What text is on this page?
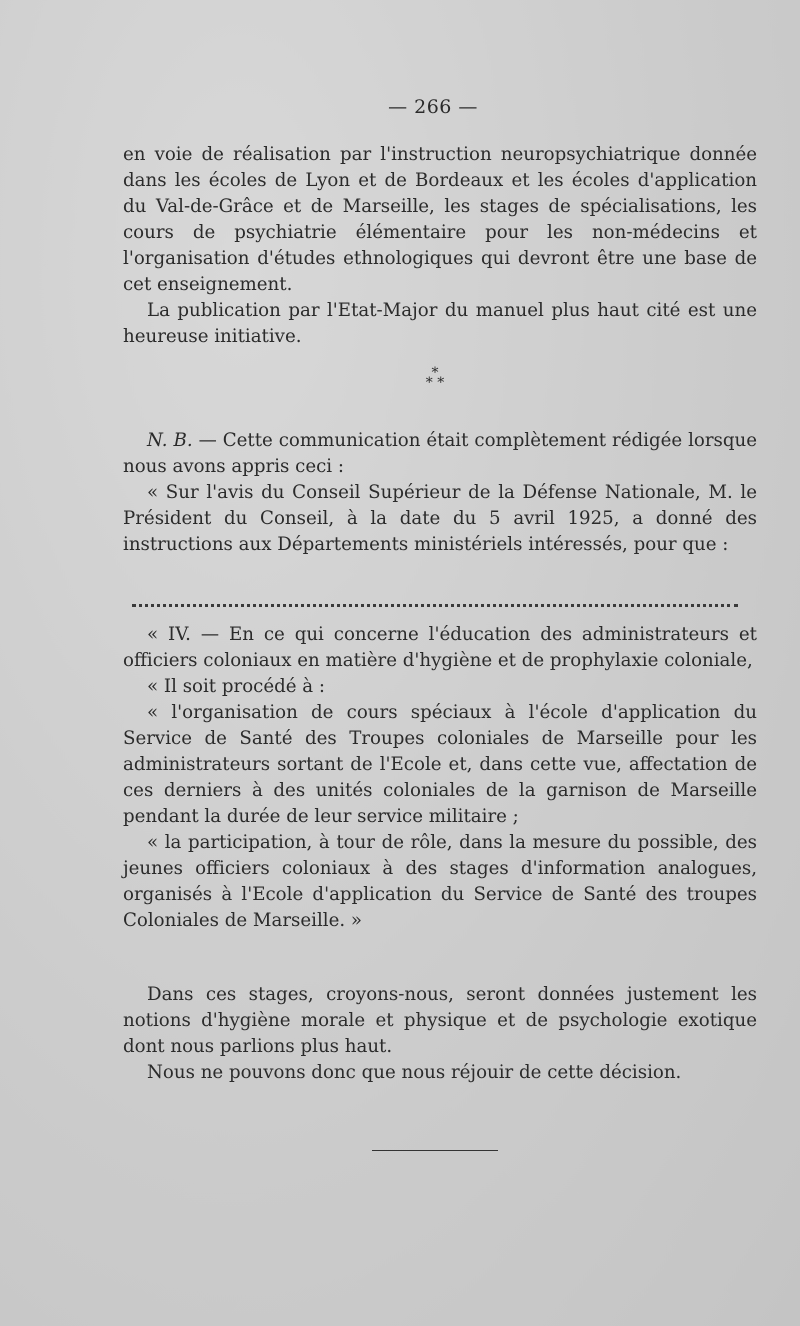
— 266 —

en voie de réalisation par l'instruction neuropsychiatrique donnée dans les écoles de Lyon et de Bordeaux et les écoles d'application du Val-de-Grâce et de Marseille, les stages de spécialisations, les cours de psychiatrie élémentaire pour les non-médecins et l'organisation d'études ethnologiques qui devront être une base de cet enseignement.

La publication par l'Etat-Major du manuel plus haut cité est une heureuse initiative.

*
* *

N. B. — Cette communication était complètement rédigée lorsque nous avons appris ceci :

« Sur l'avis du Conseil Supérieur de la Défense Nationale, M. le Président du Conseil, à la date du 5 avril 1925, a donné des instructions aux Départements ministériels intéressés, pour que :

« IV. — En ce qui concerne l'éducation des administrateurs et officiers coloniaux en matière d'hygiène et de prophylaxie coloniale,

« Il soit procédé à :

« l'organisation de cours spéciaux à l'école d'application du Service de Santé des Troupes coloniales de Marseille pour les administrateurs sortant de l'Ecole et, dans cette vue, affectation de ces derniers à des unités coloniales de la garnison de Marseille pendant la durée de leur service militaire ;

« la participation, à tour de rôle, dans la mesure du possible, des jeunes officiers coloniaux à des stages d'information analogues, organisés à l'Ecole d'application du Service de Santé des troupes Coloniales de Marseille. »

Dans ces stages, croyons-nous, seront données justement les notions d'hygiène morale et physique et de psychologie exotique dont nous parlions plus haut.

Nous ne pouvons donc que nous réjouir de cette décision.
